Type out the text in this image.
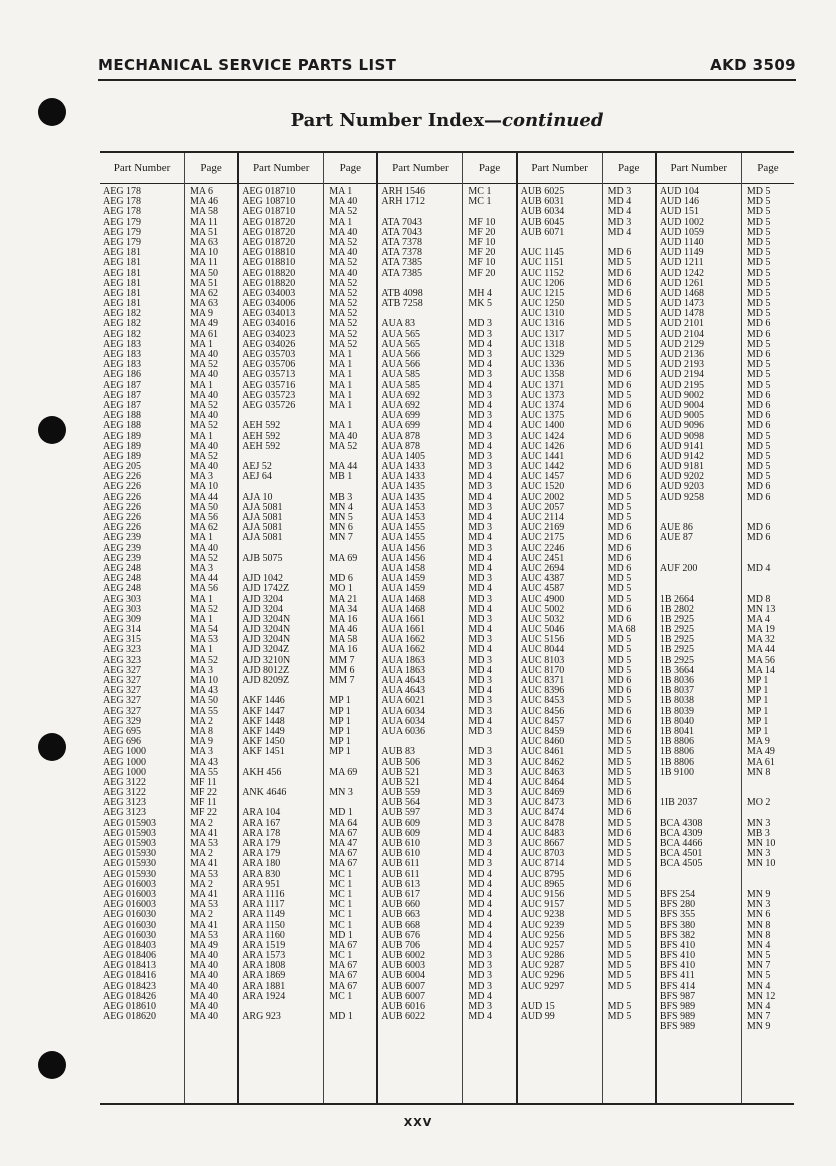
MECHANICAL SERVICE PARTS LIST	AKD 3509
Part Number Index—continued
Part Number
AEG 178
AEG 178
AEG 178
AEG 179
AEG 179
AEG 179
AEG 181
AEG 181
AEG 181
AEG 181
AEG 181
AEG 181
AEG 182
AEG 182
AEG 182
AEG 183
AEG 183
AEG 183
AEG 186
AEG 187
AEG 187
AEG 187
AEG 188
AEG 188
AEG 189
AEG 189
AEG 189
AEG 205
AEG 226
AEG 226
AEG 226
AEG 226
AEG 226
AEG 226
AEG 239
AEG 239
AEG 239
AEG 248
AEG 248
AEG 248
AEG 303
AEG 303
AEG 309
AEG 314
AEG 315
AEG 323
AEG 323
AEG 327
AEG 327
AEG 327
AEG 327
AEG 327
AEG 329
AEG 695
AEG 696
AEG 1000
AEG 1000
AEG 1000
AEG 3122
AEG 3122
AEG 3123
AEG 3123
AEG 015903
AEG 015903
AEG 015903
AEG 015930
AEG 015930
AEG 015930
AEG 016003
AEG 016003
AEG 016003
AEG 016030
AEG 016030
AEG 016030
AEG 018403
AEG 018406
AEG 018413
AEG 018416
AEG 018423
AEG 018426
AEG 018610
AEG 018620
Page
MA 6
MA 46
MA 58
MA 11
MA 51
MA 63
MA 10
MA 11
MA 50
MA 51
MA 62
MA 63
MA 9
MA 49
MA 61
MA 1
MA 40
MA 52
MA 40
MA 1
MA 40
MA 52
MA 40
MA 52
MA 1
MA 40
MA 52
MA 40
MA 3
MA 10
MA 44
MA 50
MA 56
MA 62
MA 1
MA 40
MA 52
MA 3
MA 44
MA 56
MA 1
MA 52
MA 1
MA 54
MA 53
MA 1
MA 52
MA 3
MA 10
MA 43
MA 50
MA 55
MA 2
MA 8
MA 9
MA 3
MA 43
MA 55
MF 11
MF 22
MF 11
MF 22
MA 2
MA 41
MA 53
MA 2
MA 41
MA 53
MA 2
MA 41
MA 53
MA 2
MA 41
MA 53
MA 49
MA 40
MA 40
MA 40
MA 40
MA 40
MA 40
MA 40
Part Number
AEG 018710
AEG 108710
AEG 018710
AEG 018720
AEG 018720
AEG 018720
AEG 018810
AEG 018810
AEG 018820
AEG 018820
AEG 034003
AEG 034006
AEG 034013
AEG 034016
AEG 034023
AEG 034026
AEG 035703
AEG 035706
AEG 035713
AEG 035716
AEG 035723
AEG 035726
AEH 592
AEH 592
AEH 592
AEJ 52
AEJ 64
AJA 10
AJA 5081
AJA 5081
AJA 5081
AJA 5081
AJB 5075
AJD 1042
AJD 1742Z
AJD 3204
AJD 3204
AJD 3204N
AJD 3204N
AJD 3204N
AJD 3204Z
AJD 3210N
AJD 8012Z
AJD 8209Z
AKF 1446
AKF 1447
AKF 1448
AKF 1449
AKF 1450
AKF 1451
AKH 456
ANK 4646
ARA 104
ARA 167
ARA 178
ARA 179
ARA 179
ARA 180
ARA 830
ARA 951
ARA 1116
ARA 1117
ARA 1149
ARA 1150
ARA 1160
ARA 1519
ARA 1573
ARA 1808
ARA 1869
ARA 1881
ARA 1924
ARG 923
Page
MA 1
MA 40
MA 52
MA 1
MA 40
MA 52
MA 40
MA 52
MA 40
MA 52
MA 52
MA 52
MA 52
MA 52
MA 52
MA 52
MA 1
MA 1
MA 1
MA 1
MA 1
MA 1
MA 1
MA 40
MA 52
MA 44
MB 1
MB 3
MN 4
MN 5
MN 6
MN 7
MA 69
MD 6
MO 1
MA 21
MA 34
MA 16
MA 46
MA 58
MA 16
MM 7
MM 6
MM 7
MP 1
MP 1
MP 1
MP 1
MP 1
MP 1
MA 69
MN 3
MD 1
MA 64
MA 67
MA 47
MA 67
MA 67
MC 1
MC 1
MC 1
MC 1
MC 1
MC 1
MD 1
MA 67
MC 1
MA 67
MA 67
MA 67
MC 1
MD 1
Part Number
ARH 1546
ARH 1712
ATA 7043
ATA 7043
ATA 7378
ATA 7378
ATA 7385
ATA 7385
ATB 4098
ATB 7258
AUA 83
AUA 565
AUA 565
AUA 566
AUA 566
AUA 585
AUA 585
AUA 692
AUA 692
AUA 699
AUA 699
AUA 878
AUA 878
AUA 1405
AUA 1433
AUA 1433
AUA 1435
AUA 1435
AUA 1453
AUA 1453
AUA 1455
AUA 1455
AUA 1456
AUA 1456
AUA 1458
AUA 1459
AUA 1459
AUA 1468
AUA 1468
AUA 1661
AUA 1661
AUA 1662
AUA 1662
AUA 1863
AUA 1863
AUA 4643
AUA 4643
AUA 6021
AUA 6034
AUA 6034
AUA 6036
AUB 83
AUB 506
AUB 521
AUB 521
AUB 559
AUB 564
AUB 597
AUB 609
AUB 609
AUB 610
AUB 610
AUB 611
AUB 611
AUB 613
AUB 617
AUB 660
AUB 663
AUB 668
AUB 676
AUB 706
AUB 6002
AUB 6003
AUB 6004
AUB 6007
AUB 6007
AUB 6016
AUB 6022
Page
MC 1
MC 1
MF 10
MF 20
MF 10
MF 20
MF 10
MF 20
MH 4
MK 5
MD 3
MD 3
MD 4
MD 3
MD 4
MD 3
MD 4
MD 3
MD 4
MD 3
MD 4
MD 3
MD 4
MD 3
MD 3
MD 4
MD 3
MD 4
MD 3
MD 4
MD 3
MD 4
MD 3
MD 4
MD 4
MD 3
MD 4
MD 3
MD 4
MD 3
MD 4
MD 3
MD 4
MD 3
MD 4
MD 3
MD 4
MD 3
MD 3
MD 4
MD 3
MD 3
MD 3
MD 3
MD 4
MD 3
MD 3
MD 3
MD 3
MD 4
MD 3
MD 4
MD 3
MD 4
MD 4
MD 4
MD 4
MD 4
MD 4
MD 4
MD 4
MD 3
MD 3
MD 3
MD 3
MD 4
MD 3
MD 4
Part Number
AUB 6025
AUB 6031
AUB 6034
AUB 6045
AUB 6071
AUC 1145
AUC 1151
AUC 1152
AUC 1206
AUC 1215
AUC 1250
AUC 1310
AUC 1316
AUC 1317
AUC 1318
AUC 1329
AUC 1336
AUC 1358
AUC 1371
AUC 1373
AUC 1374
AUC 1375
AUC 1400
AUC 1424
AUC 1426
AUC 1441
AUC 1442
AUC 1457
AUC 1520
AUC 2002
AUC 2057
AUC 2114
AUC 2169
AUC 2175
AUC 2246
AUC 2451
AUC 2694
AUC 4387
AUC 4587
AUC 4900
AUC 5002
AUC 5032
AUC 5046
AUC 5156
AUC 8044
AUC 8103
AUC 8170
AUC 8371
AUC 8396
AUC 8453
AUC 8456
AUC 8457
AUC 8459
AUC 8460
AUC 8461
AUC 8462
AUC 8463
AUC 8464
AUC 8469
AUC 8473
AUC 8474
AUC 8478
AUC 8483
AUC 8667
AUC 8703
AUC 8714
AUC 8795
AUC 8965
AUC 9156
AUC 9157
AUC 9238
AUC 9239
AUC 9256
AUC 9257
AUC 9286
AUC 9287
AUC 9296
AUC 9297
AUD 15
AUD 99
Page
MD 3
MD 4
MD 4
MD 3
MD 4
MD 6
MD 5
MD 6
MD 6
MD 6
MD 5
MD 5
MD 5
MD 5
MD 5
MD 5
MD 5
MD 6
MD 6
MD 5
MD 6
MD 6
MD 6
MD 6
MD 6
MD 6
MD 6
MD 6
MD 6
MD 5
MD 5
MD 5
MD 6
MD 6
MD 6
MD 6
MD 6
MD 5
MD 5
MD 5
MD 6
MD 6
MA 68
MD 5
MD 5
MD 5
MD 5
MD 6
MD 6
MD 5
MD 6
MD 6
MD 6
MD 5
MD 5
MD 5
MD 5
MD 5
MD 6
MD 6
MD 6
MD 5
MD 6
MD 5
MD 5
MD 5
MD 6
MD 6
MD 5
MD 5
MD 5
MD 5
MD 5
MD 5
MD 5
MD 5
MD 5
MD 5
MD 5
MD 5
Part Number
AUD 104
AUD 146
AUD 151
AUD 1002
AUD 1059
AUD 1140
AUD 1149
AUD 1211
AUD 1242
AUD 1261
AUD 1468
AUD 1473
AUD 1478
AUD 2101
AUD 2104
AUD 2129
AUD 2136
AUD 2193
AUD 2194
AUD 2195
AUD 9002
AUD 9004
AUD 9005
AUD 9096
AUD 9098
AUD 9141
AUD 9142
AUD 9181
AUD 9202
AUD 9203
AUD 9258
AUE 86
AUE 87
AUF 200
1B 2664
1B 2802
1B 2925
1B 2925
1B 2925
1B 2925
1B 2925
1B 3664
1B 8036
1B 8037
1B 8038
1B 8039
1B 8040
1B 8041
1B 8806
1B 8806
1B 8806
1B 9100
1IB 2037
BCA 4308
BCA 4309
BCA 4466
BCA 4501
BCA 4505
BFS 254
BFS 280
BFS 355
BFS 380
BFS 382
BFS 410
BFS 410
BFS 410
BFS 411
BFS 414
BFS 987
BFS 989
BFS 989
BFS 989
Page
MD 5
MD 5
MD 5
MD 5
MD 5
MD 5
MD 5
MD 5
MD 5
MD 5
MD 5
MD 5
MD 5
MD 6
MD 6
MD 5
MD 6
MD 5
MD 5
MD 5
MD 6
MD 6
MD 6
MD 6
MD 5
MD 5
MD 5
MD 5
MD 5
MD 6
MD 6
MD 6
MD 6
MD 4
MD 8
MN 13
MA 4
MA 19
MA 32
MA 44
MA 56
MA 14
MP 1
MP 1
MP 1
MP 1
MP 1
MP 1
MA 9
MA 49
MA 61
MN 8
MO 2
MN 3
MB 3
MN 10
MN 3
MN 10
MN 9
MN 3
MN 6
MN 8
MN 8
MN 4
MN 5
MN 7
MN 5
MN 4
MN 12
MN 4
MN 7
MN 9
XXV
